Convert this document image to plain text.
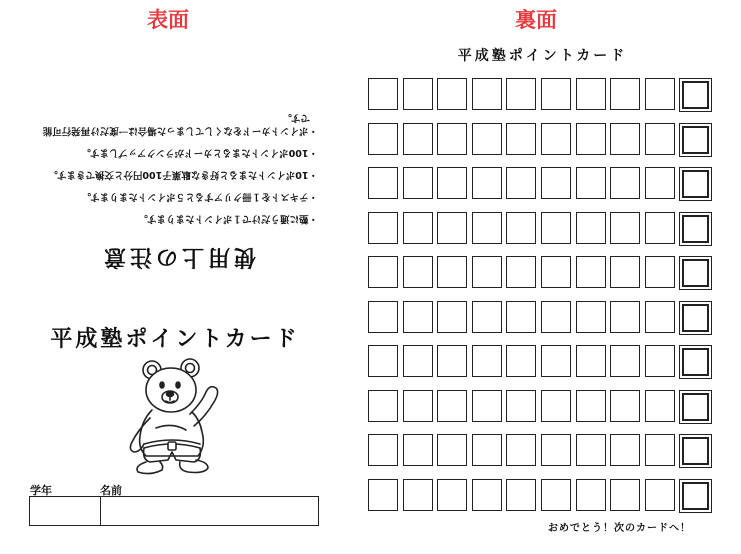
表面	裏面
使用上の注意
・塾に通うだけで１ポイントたまります。
・テキストを１冊クリアすると５ポイントたまります。
・10ポイントたまると好きな駄菓子100円分と交換できます。
・100ポイントたまるとカードがランクアップします。
・ポイントカードをなくしてしまった場合は一度だけ再発行可能
です。
平成塾ポイントカード
学年	名前
平成塾ポイントカード
おめでとう！次のカードへ！
